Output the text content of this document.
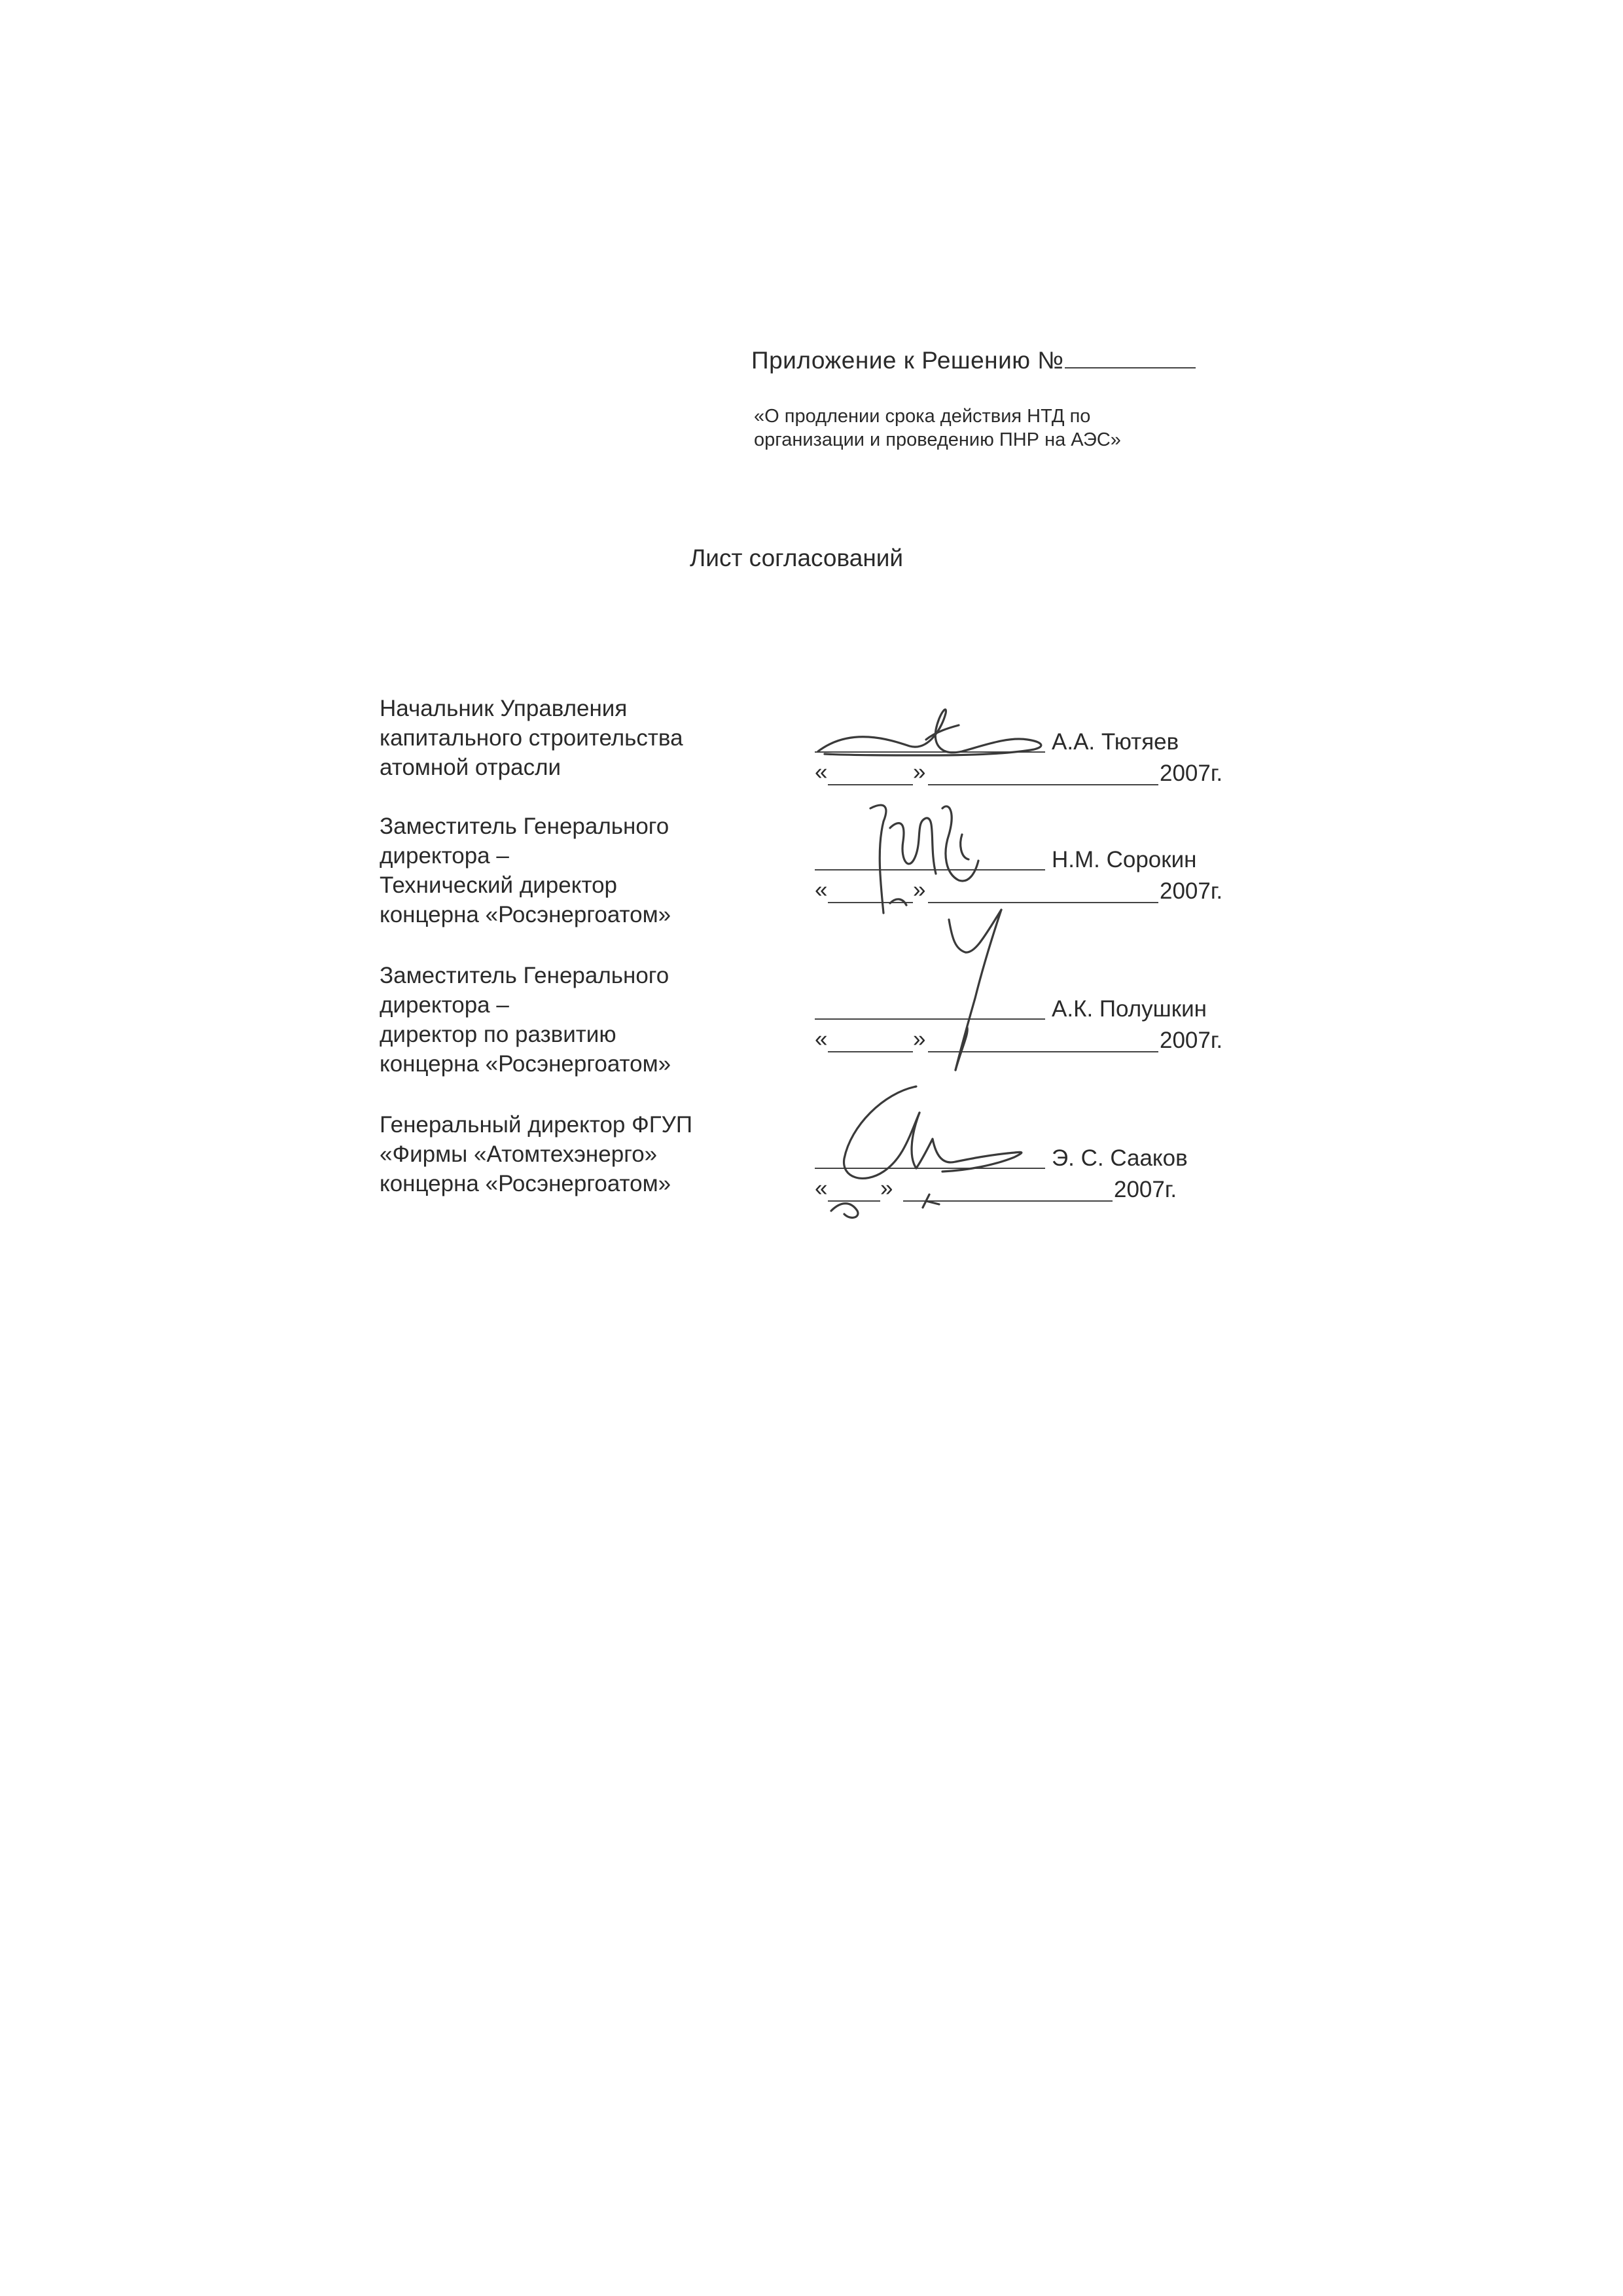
Приложение к Решению №
«О продлении срока действия НТД по
организации и проведению ПНР на АЭС»
Лист согласований
Начальник Управления
капитального строительства
атомной отрасли
А.А. Тютяев
«	»	2007г.
Заместитель Генерального
директора –
Технический директор
концерна «Росэнергоатом»
Н.М. Сорокин
«	»	2007г.
Заместитель Генерального
директора –
директор по развитию
концерна «Росэнергоатом»
А.К. Полушкин
«	»	2007г.
Генеральный директор ФГУП
«Фирмы «Атомтехэнерго»
концерна «Росэнергоатом»
Э. С. Сааков
« »	2007г.
